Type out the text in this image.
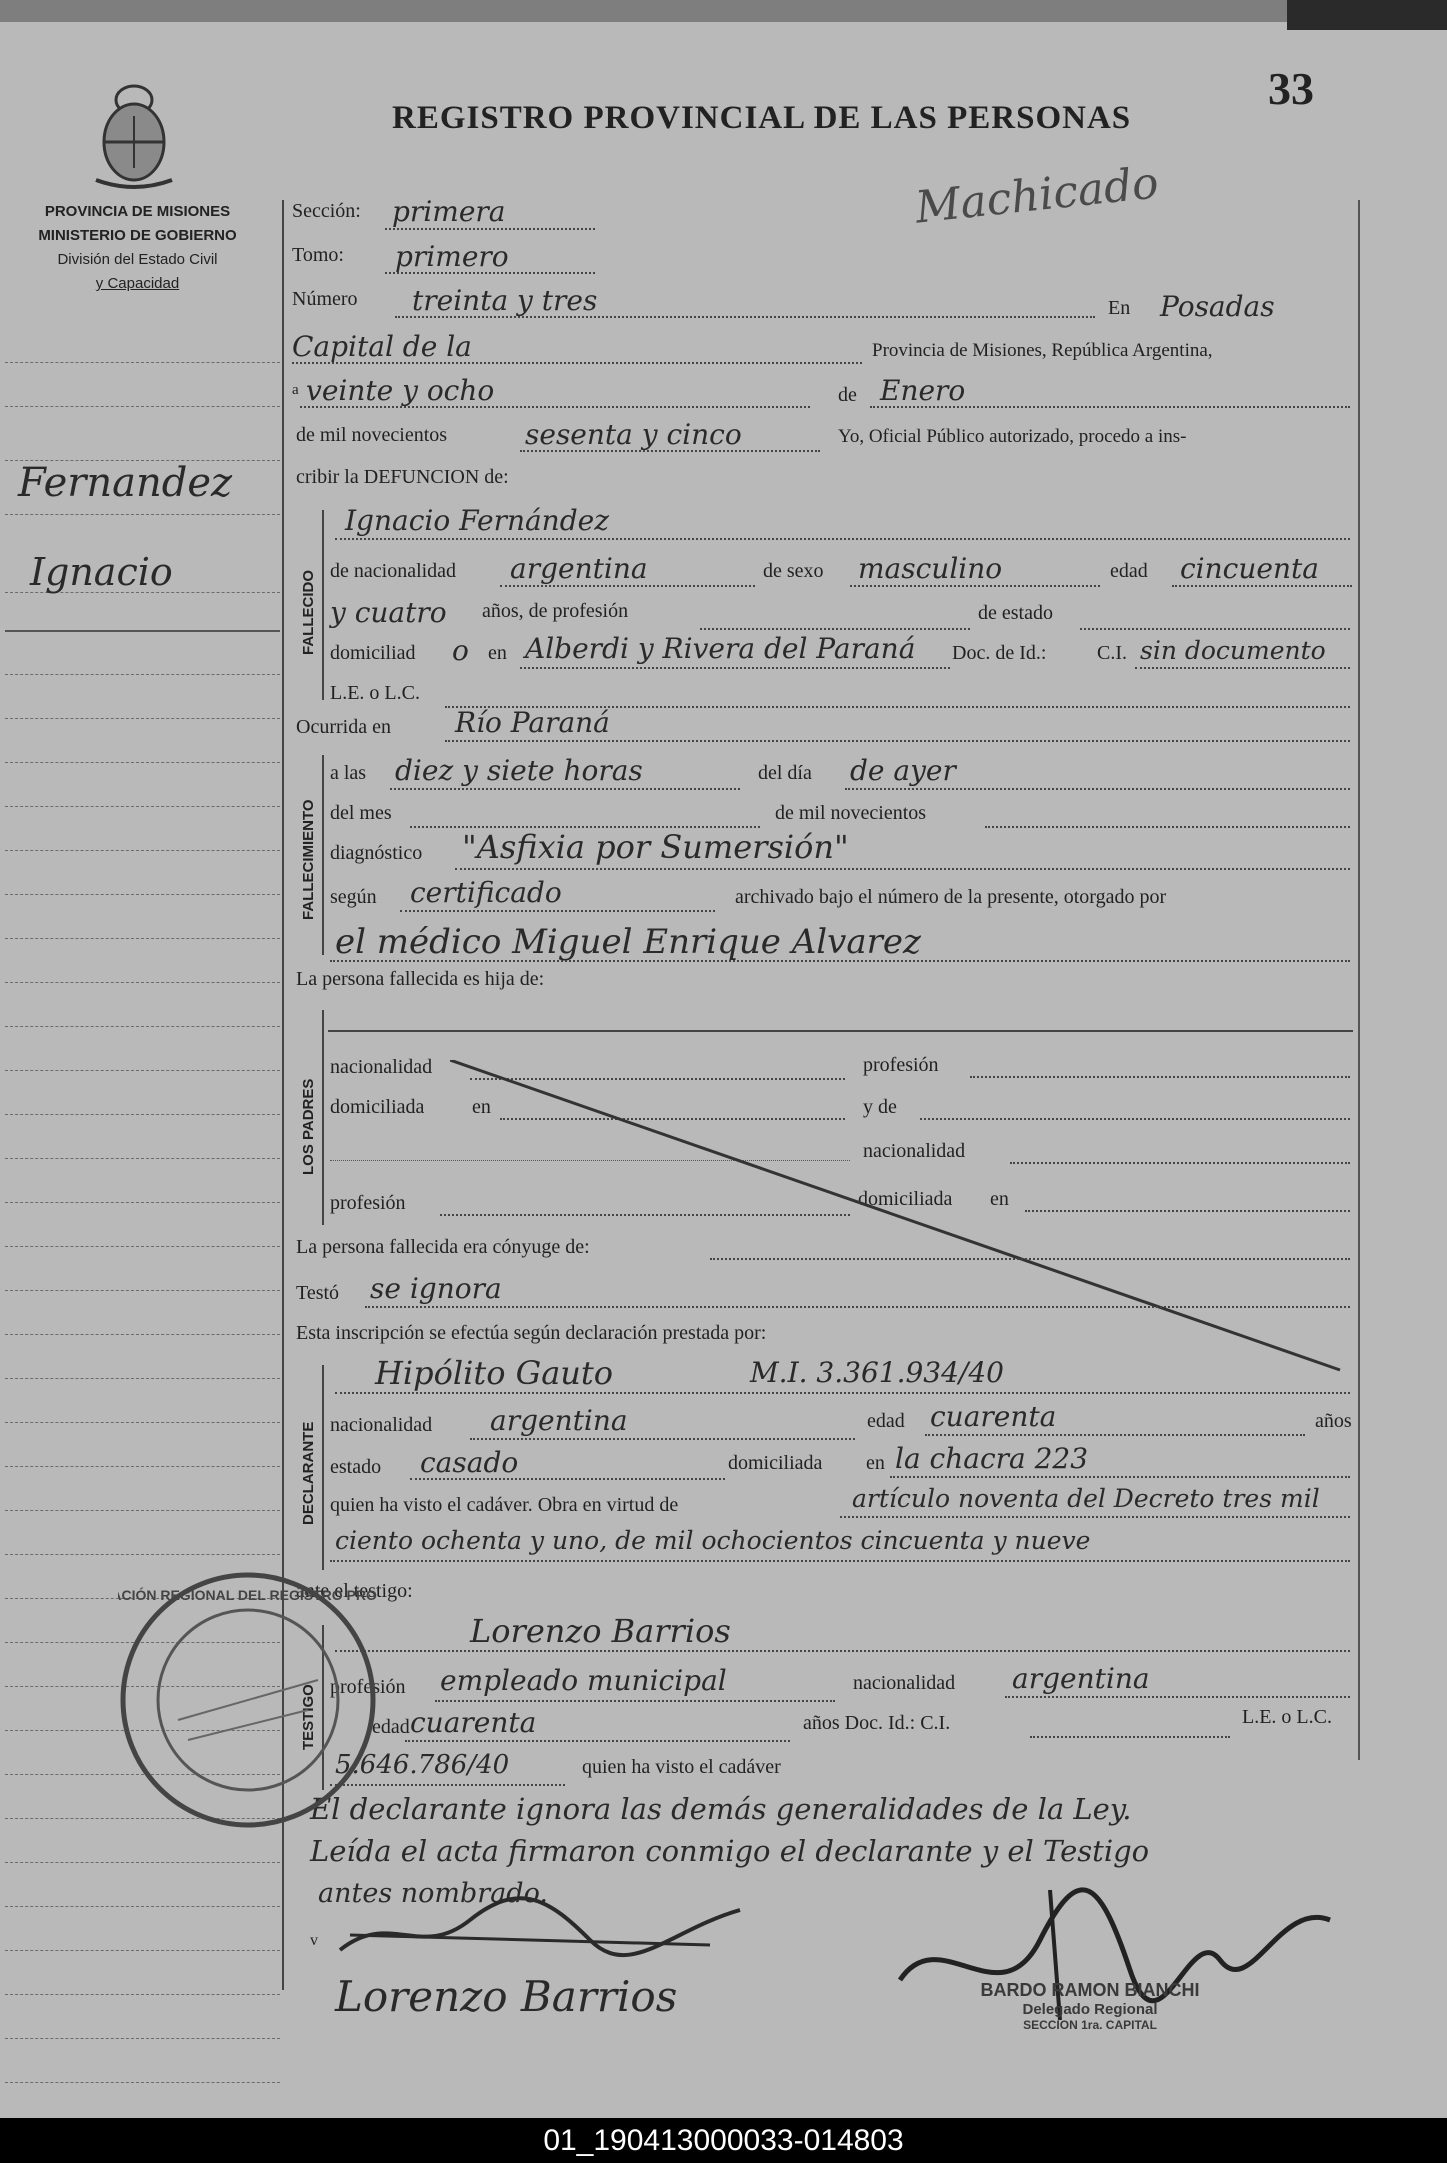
33
REGISTRO PROVINCIAL DE LAS PERSONAS
Machicado
PROVINCIA DE MISIONES
MINISTERIO DE GOBIERNO
División del Estado Civil
y Capacidad
Fernandez
Ignacio
Sección: primera
Tomo: primero
Número treinta y tres	En Posadas
Capital de la	Provincia de Misiones, República Argentina,
a veinte y ocho	de Enero
de mil novecientos	sesenta y cinco	Yo, Oficial Público autorizado, procedo a ins-
cribir la DEFUNCION de:
FALLECIDO
Ignacio Fernández
de nacionalidad argentina	de sexo masculino	edad cincuenta
y cuatro años, de profesión	de estado
domiciliad o en Alberdi y Rivera del Paraná Doc. de Id.:	C.I. sin documento
L.E. o L.C.
Ocurrida en Río Paraná
FALLECIMIENTO
a las diez y siete horas	del día de ayer
del mes	de mil novecientos
diagnóstico "Asfixia por Sumersión"
según certificado	archivado bajo el número de la presente, otorgado por
el médico Miguel Enrique Alvarez
La persona fallecida es hija de:
LOS PADRES
nacionalidad	profesión
domiciliada en	y de
nacionalidad
profesión	domiciliada en
La persona fallecida era cónyuge de:
Testó se ignora
Esta inscripción se efectúa según declaración prestada por:
DECLARANTE
Hipólito Gauto	M.I. 3.361.934/40
nacionalidad argentina	edad cuarenta	años
estado casado	domiciliada en la chacra 223
quien ha visto el cadáver. Obra en virtud de	artículo noventa del Decreto tres mil
ciento ochenta y uno, de mil ochocientos cincuenta y nueve
ante el testigo:
TESTIGO
Lorenzo Barrios
profesión empleado municipal	nacionalidad argentina
edad cuarenta	años Doc. Id.: C.I.	L.E. o L.C.
5.646.786/40	quien ha visto el cadáver
El declarante ignora las demás generalidades de la Ley.
Leída el acta firmaron conmigo el declarante y el Testigo
antes nombrado.
v
CIÓN REGIONAL DEL REGISTRO PRO
Lorenzo Barrios	BARDO RAMON BIANCHI
Delegado Regional
SECCION 1ra. CAPITAL
01_190413000033-014803
